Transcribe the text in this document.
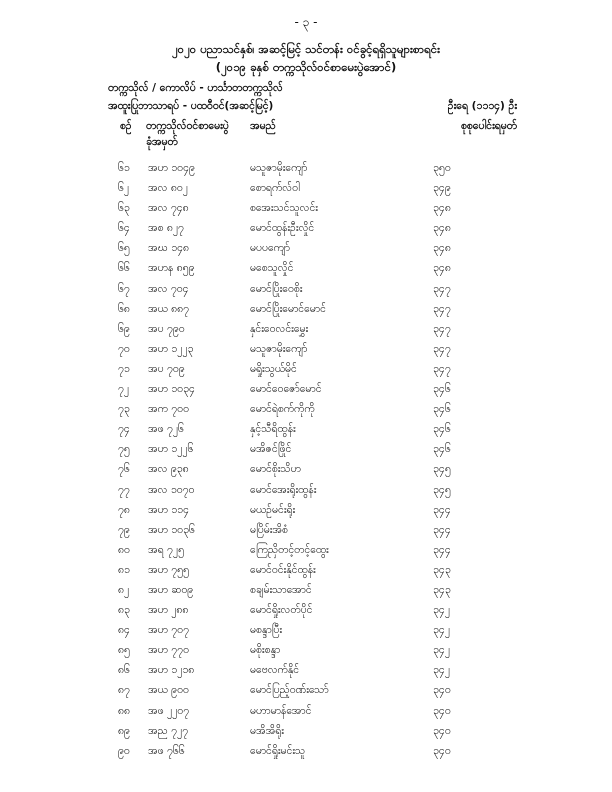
- ၃ -
၂၀၂၀ ပညာသင်နှစ်၊ အဆင့်မြင့် သင်တန်း ဝင်ခွင့်ရရှိသူများစာရင်း
(၂၀၁၉ ခုနှစ် တက္ကသိုလ်ဝင်စာမေးပွဲအောင်)
တက္ကသိုလ် / ကောလိပ် - ဟင်္သာတတက္ကသိုလ်
အထူးပြုဘာသာရပ် - ပထဝီဝင်(အဆင့်မြင့်)	ဦးရေ (၁၁၁၄) ဦး
စဉ် တက္ကသိုလ်ဝင်စာမေးပွဲ
ခုံအမှတ်
အမည်	စုစုပေါင်းရမှတ်
၆၁ အဟ ၁၀၄၉	မသူဇာမိုးကျော်	၃၅၀
၆၂ အလ ၈၀၂	စောရက်လ်ဝါ	၃၄၉
၆၃ အလ ၇၄၈	စအေးသင်သူလင်း	၃၄၈
၆၄ အစ ၈၂၇	မောင်ထွန်းဦးလှိုင်	၃၄၈
၆၅ အဃ ၁၄၈	မပပကျော်	၃၄၈
၆၆ အဟန ၈၅၉	မစေသူလှိုင်	၃၄၈
၆၇ အလ ၇၀၄	မောင်ပြိုးဝေစိုး	၃၄၇
၆၈ အယ ၈၈၇	မောင်ပြိုးမောင်မောင်	၃၄၇
၆၉ အပ ၇၉၀	နှင်းဝေလင်းမွှေး	၃၄၇
၇၀ အဟ ၁၂၂၃	မသူဇာမိုးကျော်	၃၄၇
၇၁ အပ ၇၀၉	မရှိုးသွယ်မိုင်	၃၄၇
၇၂ အဟ ၁၀၃၄	မောင်ဝေဇော်မောင်	၃၄၆
၇၃ အက ၇၀၀	မောင်ရဲစက်ကိုကို	၃၄၆
၇၄ အဖ ၇၂၆	နှင့်သီရိထွန်း	၃၄၆
၇၅ အဟ ၁၂၂၆	မအိဇင်ဖြိုင်	၃၄၆
၇၆ အလ ၉၃၈	မောင်စိုးသိဟ	၃၄၅
၇၇ အလ ၁၀၇၀	မောင်အေးရိုးထွန်း	၃၄၅
၇၈ အဟ ၁၁၄	မယဉ်မင်းရိုး	၃၄၄
၇၉ အဟ ၁၀၃၆	မပြိမ်းအိစံ	၃၄၄
၈၀ အရ ၇၂၅	ကြေညှိတင့်တင့်ထွေး	၃၄၄
၈၁ အဟ ၇၅၅	မောင်ဝင်းနိုင်ထွန်း	၃၄၃
၈၂ အဟ ဆ၀၉	စချမ်းသာအောင်	၃၄၃
၈၃ အဟ ၂၈၈	မောင်ရှိုးလတ်ပိုင်	၃၄၂
၈၄ အဟ ၇၀၇	မစန္ဒာပြီး	၃၄၂
၈၅ အဟ ၇၇၀	မစိုးစန္ဒာ	၃၄၂
၈၆ အဟ ၁၂၁၈	မဗေလက်နိုင်	၃၄၂
၈၇ အယ ၉၀၀	မောင်ပြည့်ဝဏ်းသော်	၃၄၀
၈၈ အဖ ၂၂၀၇	မဟာမာန်အောင်	၃၄၀
၈၉ အည ၇၂၇	မအိအိရိုး	၃၄၀
၉၀ အဖ ၇၆၆	မောင်ရှိုးမင်းသူ	၃၄၀
